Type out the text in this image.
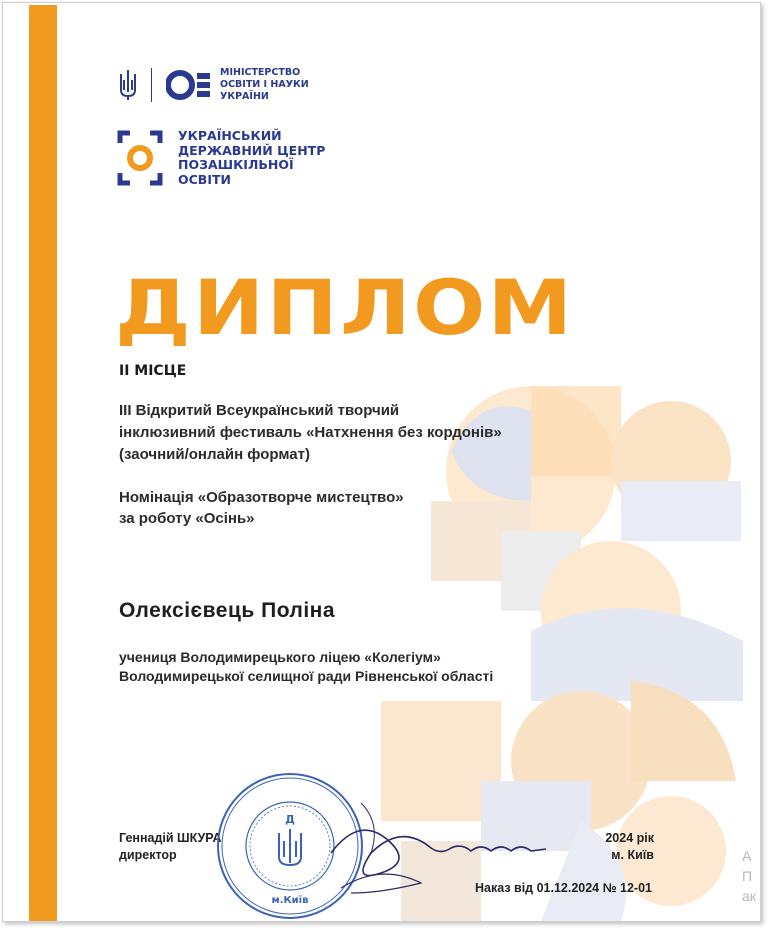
МІНІСТЕРСТВО
ОСВІТИ І НАУКИ
УКРАЇНИ
УКРАЇНСЬКИЙ
ДЕРЖАВНИЙ ЦЕНТР
ПОЗАШКІЛЬНОЇ
ОСВІТИ
ДИПЛОМ
ІІ МІСЦЕ
ІІІ Відкритий Всеукраїнський творчий
інклюзивний фестиваль «Натхнення без кордонів»
(заочний/онлайн формат)
Номінація «Образотворче мистецтво»
за роботу «Осінь»
Олексієвець Поліна
учениця Володимирецького ліцею «Колегіум»
Володимирецької селищної ради Рівненської області
Геннадій ШКУРА
директор
2024 рік
м. Київ
Наказ від 01.12.2024 № 12-01
Д
м.Київ
А
П
ак
